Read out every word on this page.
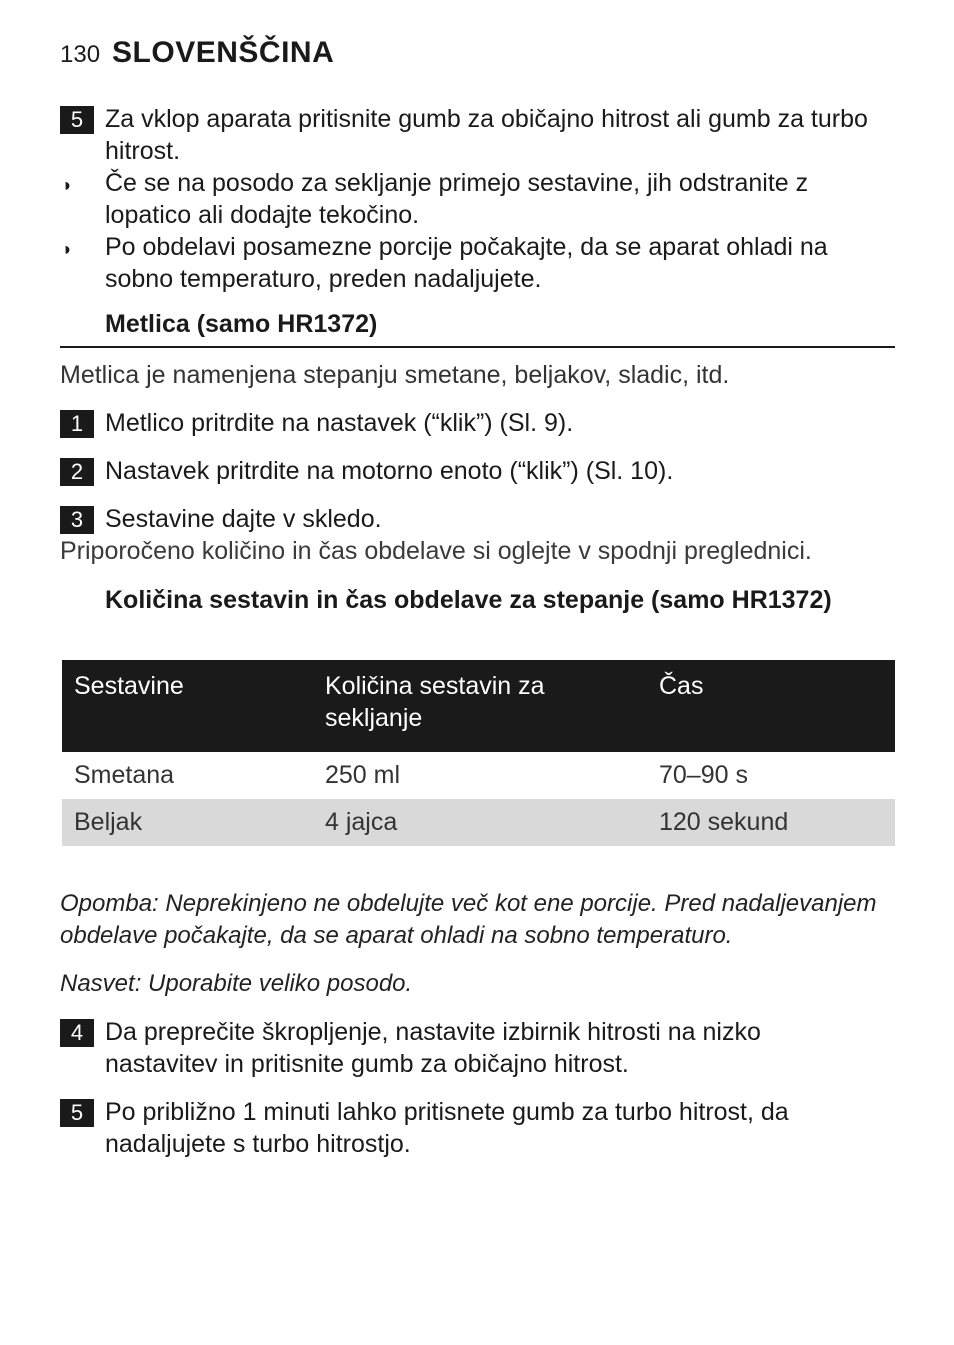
130 SLOVENŠČINA
5 Za vklop aparata pritisnite gumb za običajno hitrost ali gumb za turbo hitrost.
◗	Če se na posodo za sekljanje primejo sestavine, jih odstranite z lopatico ali dodajte tekočino.
◗	Po obdelavi posamezne porcije počakajte, da se aparat ohladi na sobno temperaturo, preden nadaljujete.
Metlica (samo HR1372)
Metlica je namenjena stepanju smetane, beljakov, sladic, itd.
1 Metlico pritrdite na nastavek (“klik”) (Sl. 9).
2 Nastavek pritrdite na motorno enoto (“klik”) (Sl. 10).
3 Sestavine dajte v skledo.
Priporočeno količino in čas obdelave si oglejte v spodnji preglednici.
Količina sestavin in čas obdelave za stepanje (samo HR1372)
Sestavine	Količina sestavin za sekljanje	Čas
Smetana	250 ml	70–90 s
Beljak	4 jajca	120 sekund
Opomba: Neprekinjeno ne obdelujte več kot ene porcije. Pred nadaljevanjem obdelave počakajte, da se aparat ohladi na sobno temperaturo.
Nasvet: Uporabite veliko posodo.
4 Da preprečite škropljenje, nastavite izbirnik hitrosti na nizko nastavitev in pritisnite gumb za običajno hitrost.
5 Po približno 1 minuti lahko pritisnete gumb za turbo hitrost, da nadaljujete s turbo hitrostjo.
